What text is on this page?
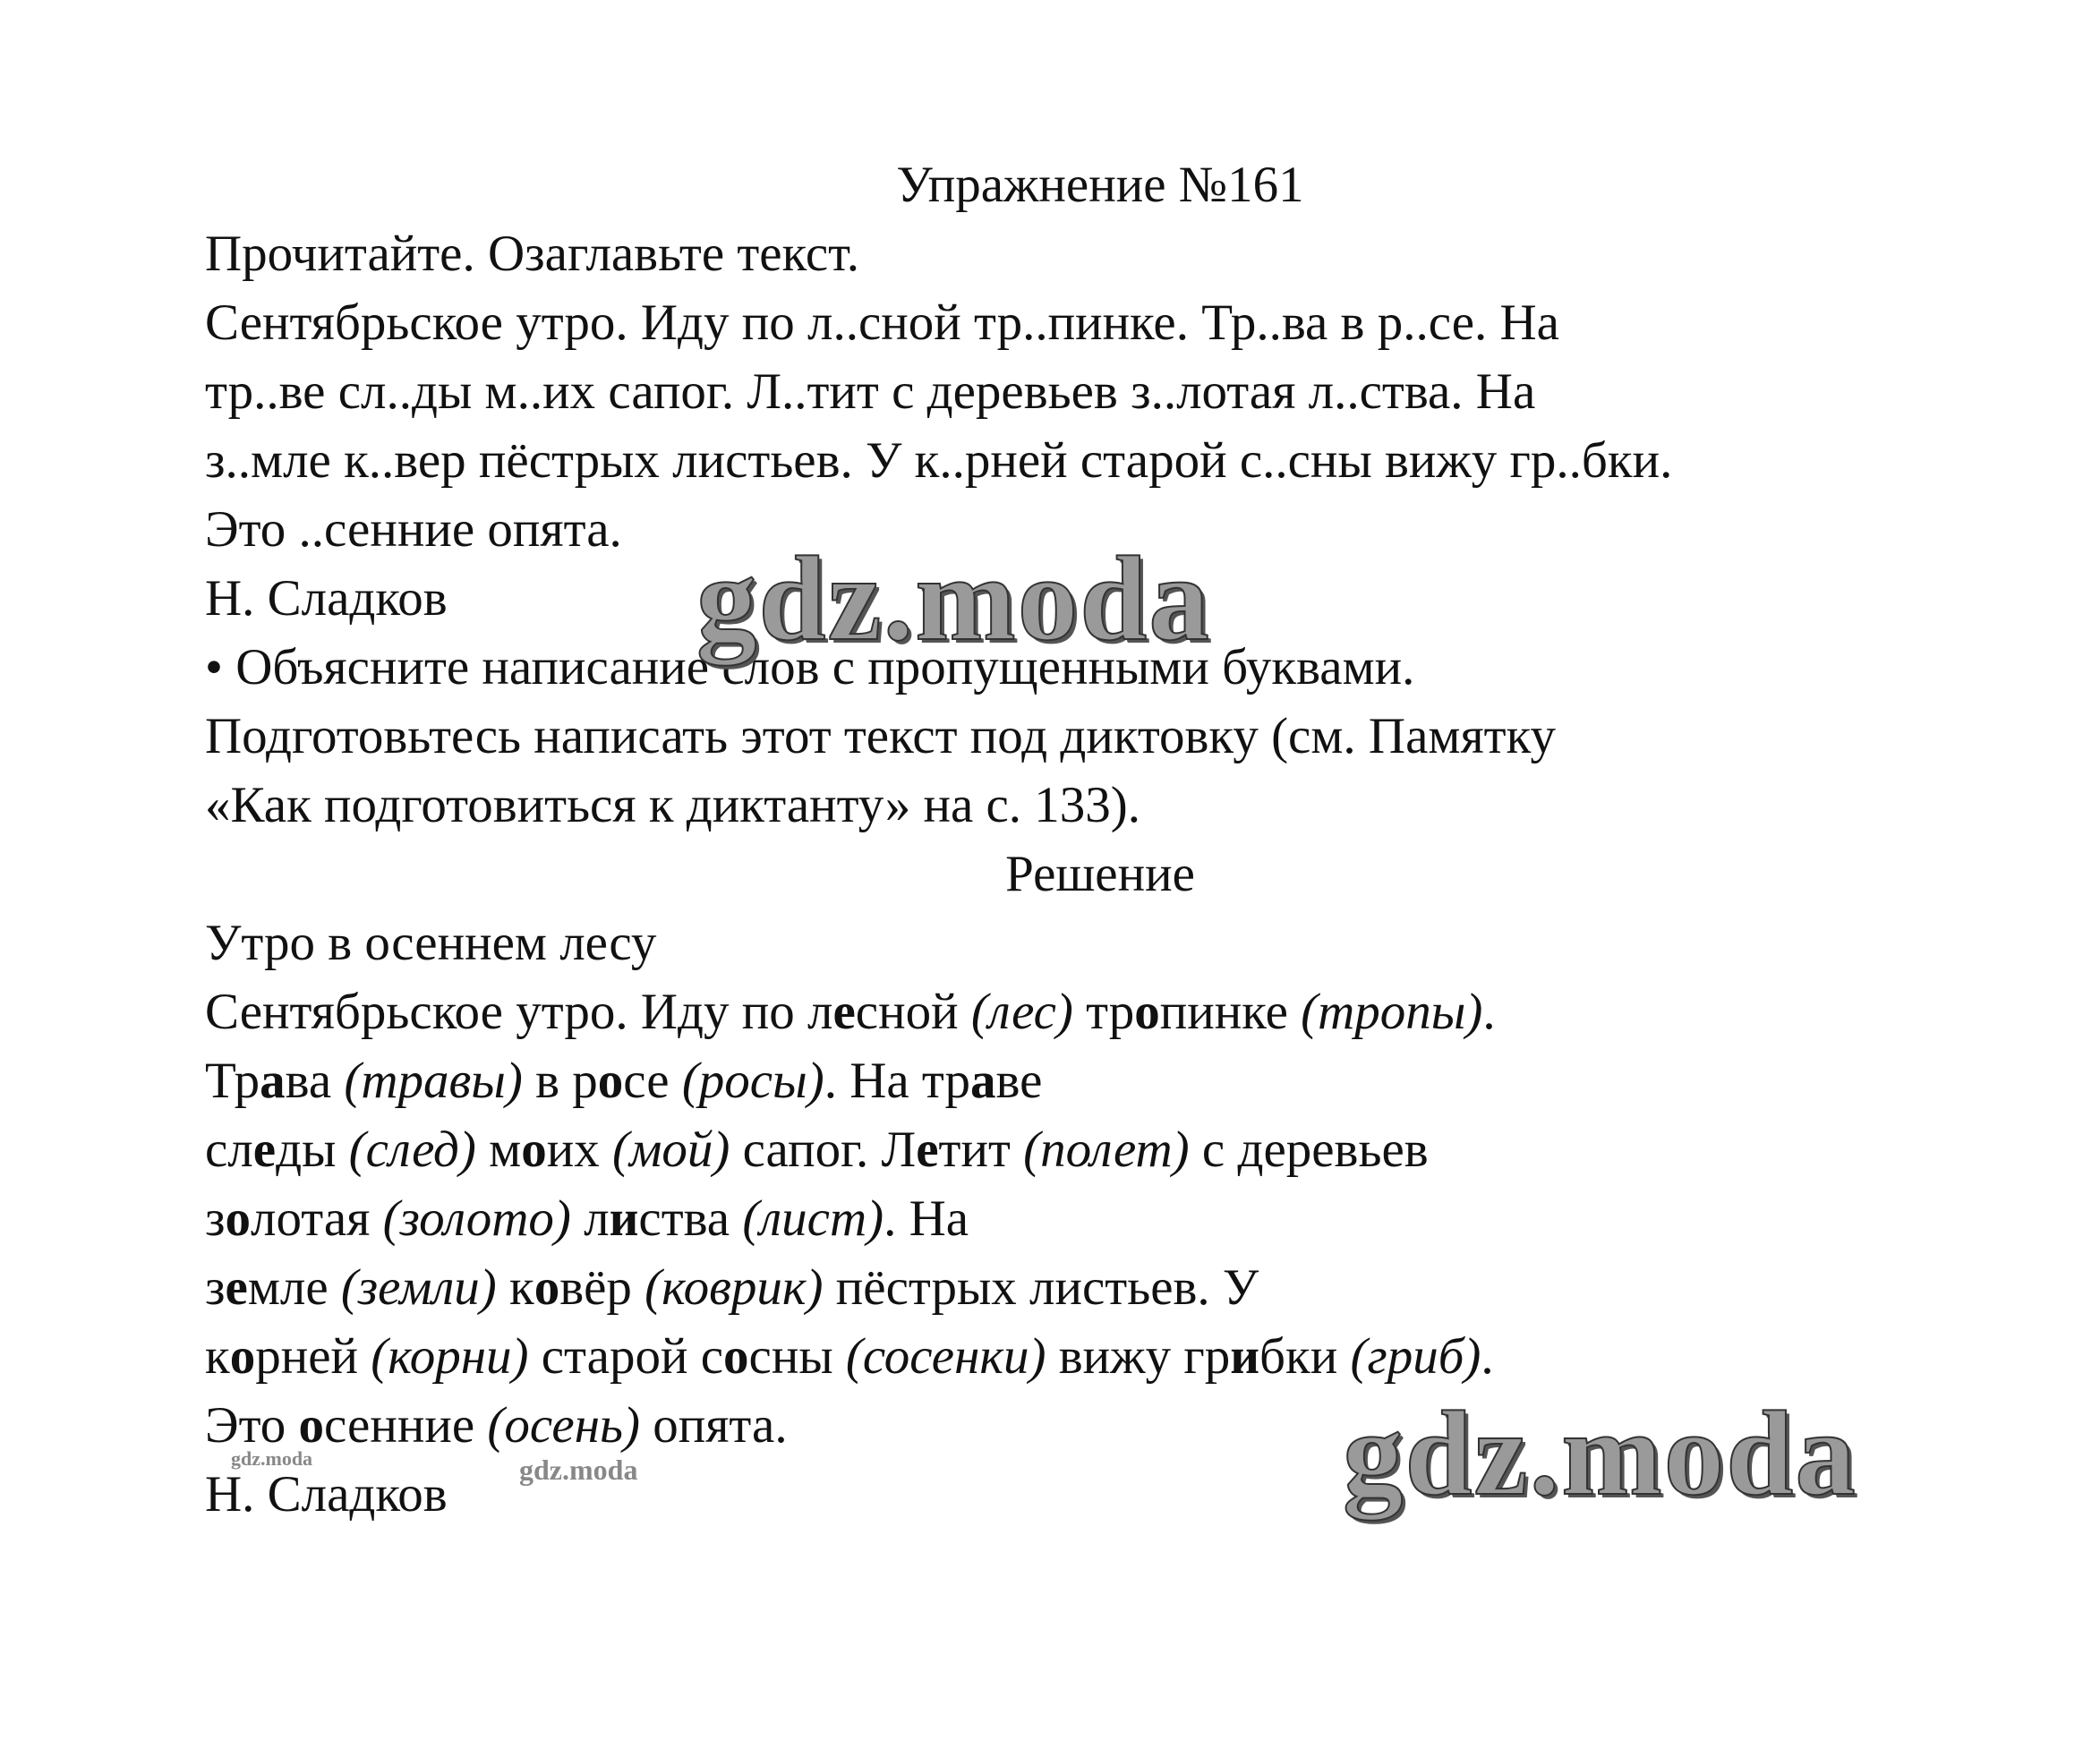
Упражнение №161
Прочитайте. Озаглавьте текст.
Сентябрьское утро. Иду по л..сной тр..пинке. Тр..ва в р..се. На
тр..ве сл..ды м..их сапог. Л..тит с деревьев з..лотая л..ства. На
з..мле к..вер пёстрых листьев. У к..рней старой с..сны вижу гр..бки.
Это ..сенние опята.
Н. Сладков
• Объясните написание слов с пропущенными буквами.
Подготовьтесь написать этот текст под диктовку (см. Памятку
«Как подготовиться к диктанту» на с. 133).
Решение
Утро в осеннем лесу
Сентябрьское утро. Иду по лесной (лес) тропинке (тропы).
Трава (травы) в росе (росы). На траве
следы (след) моих (мой) сапог. Летит (полет) с деревьев
золотая (золото) листва (лист). На
земле (земли) ковёр (коврик) пёстрых листьев. У
корней (корни) старой сосны (сосенки) вижу грибки (гриб).
Это осенние (осень) опята.
Н. Сладков
gdz.moda
gdz.moda
gdz.moda	gdz.moda
